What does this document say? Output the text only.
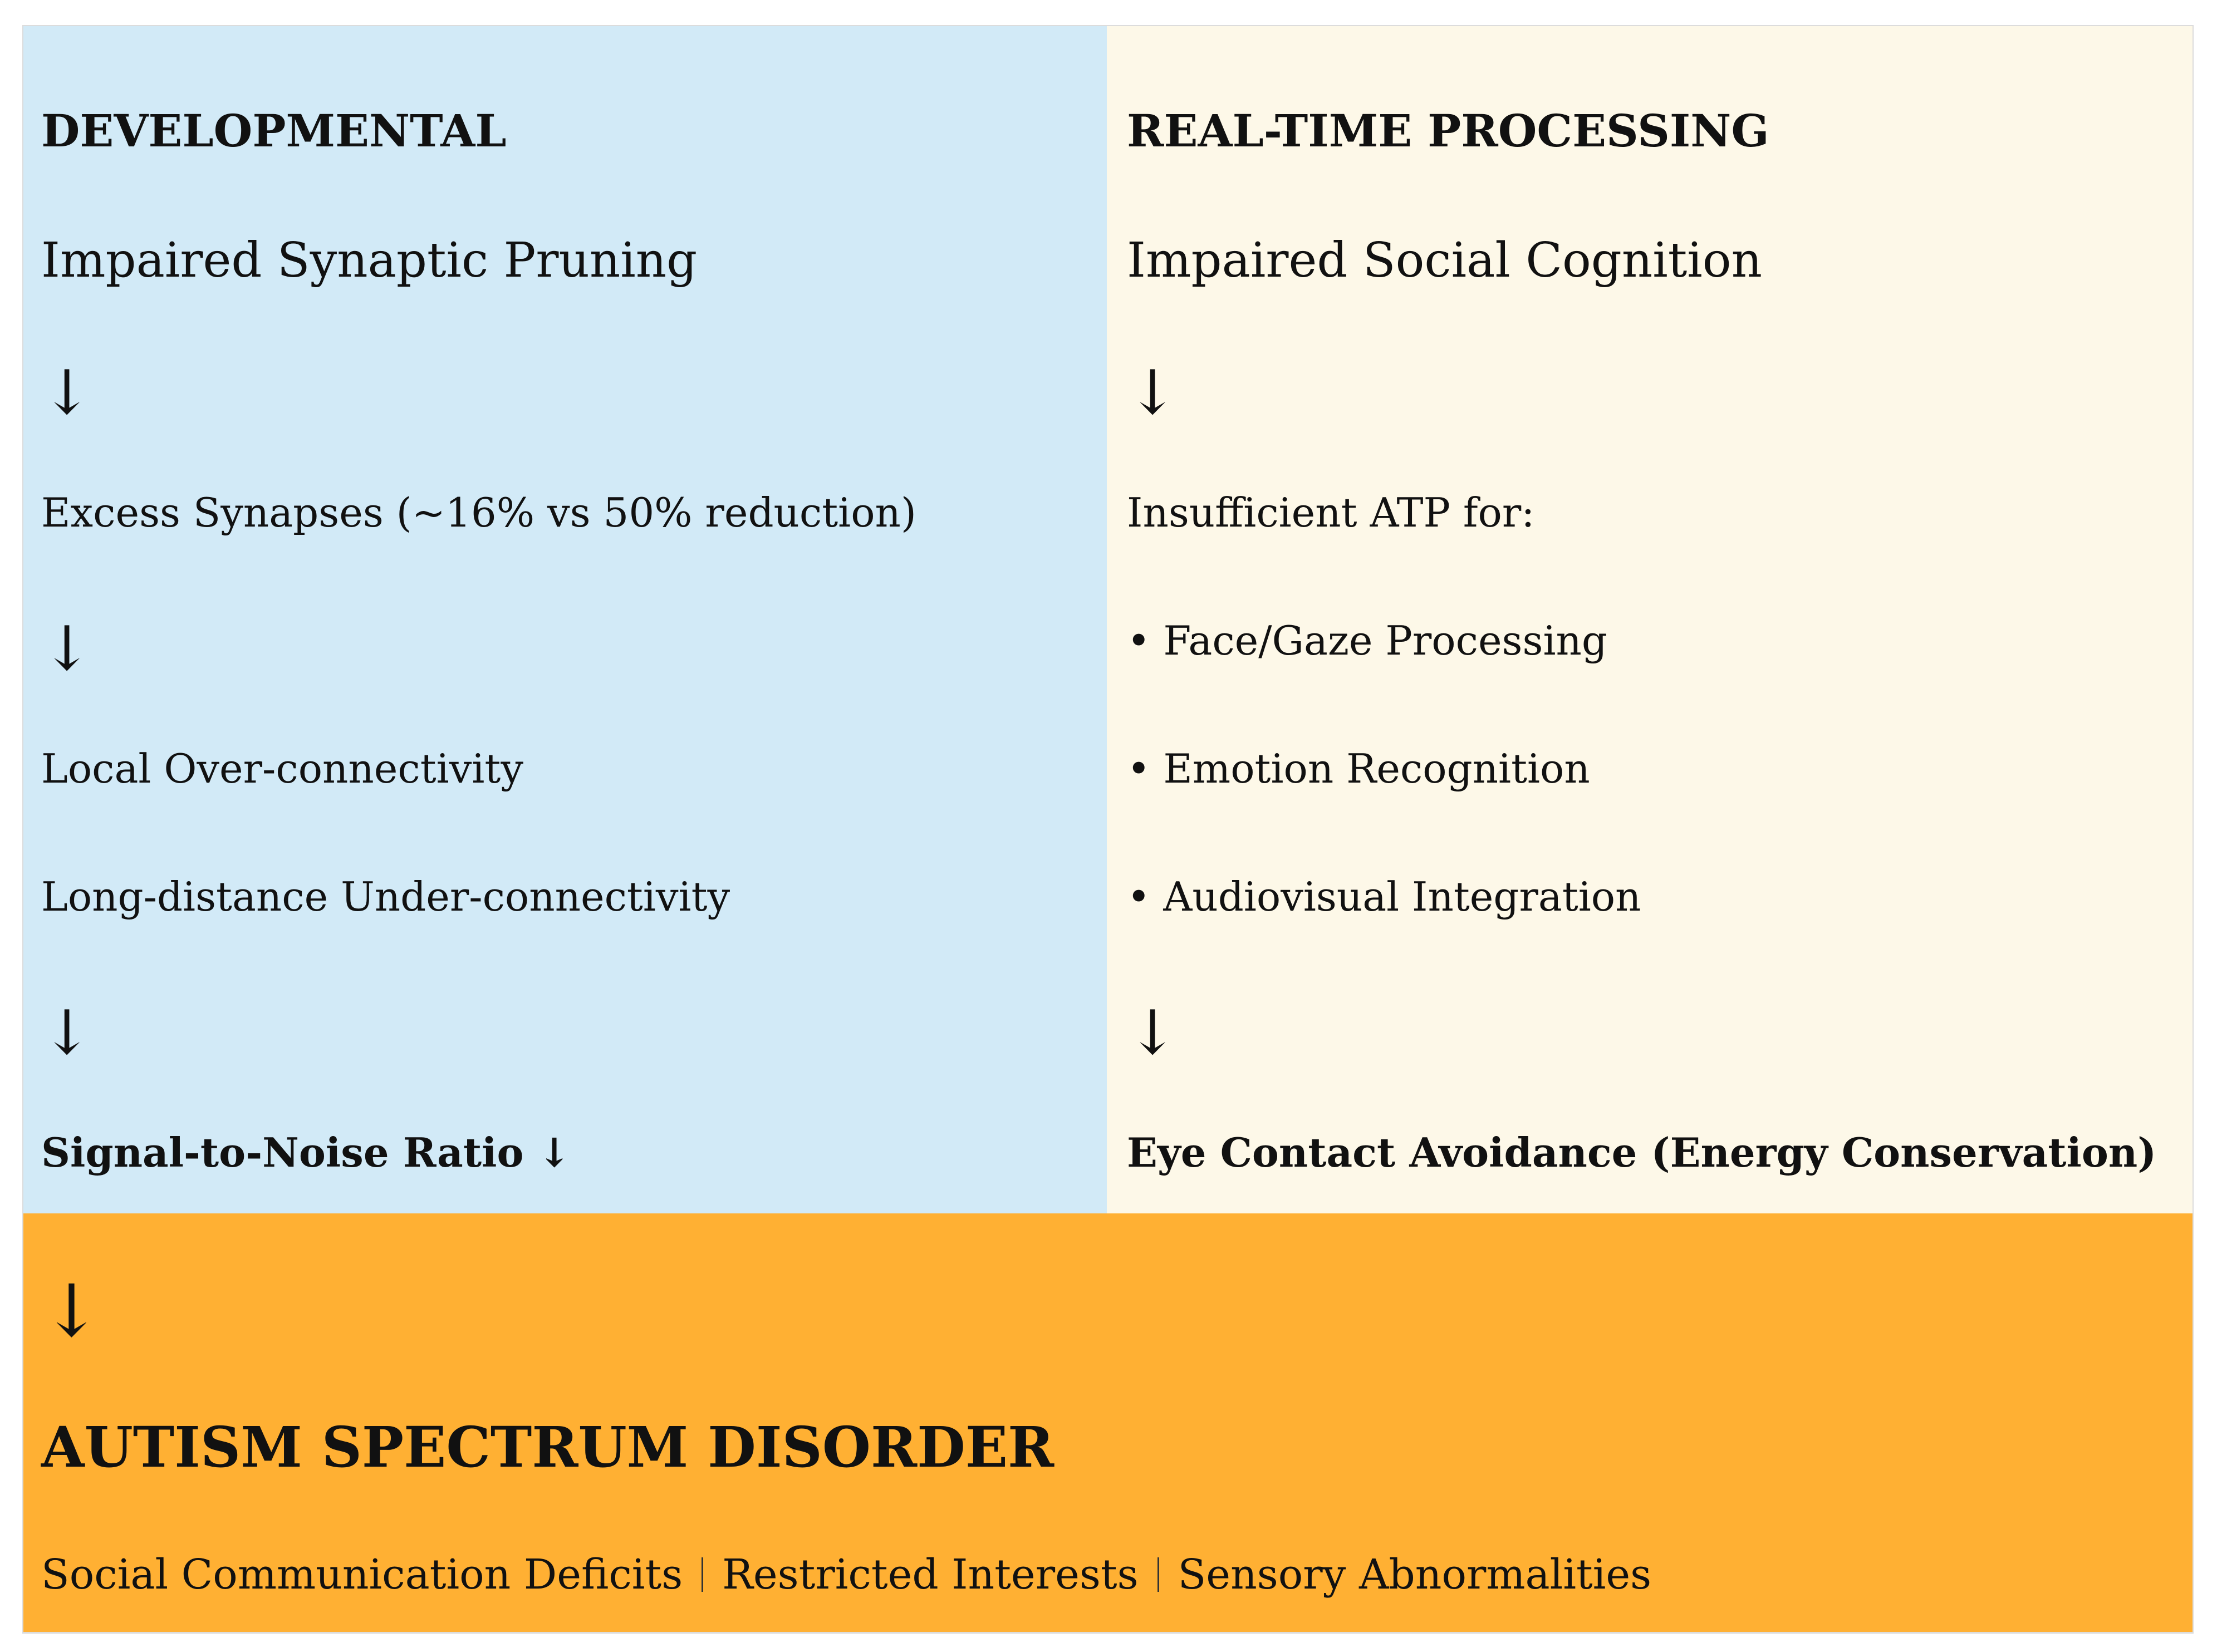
DEVELOPMENTAL
Impaired Synaptic Pruning
↓
Excess Synapses (~16% vs 50% reduction)
↓
Local Over-connectivity
Long-distance Under-connectivity
↓
Signal-to-Noise Ratio ↓
REAL-TIME PROCESSING
Impaired Social Cognition
↓
Insufficient ATP for:
• Face/Gaze Processing
• Emotion Recognition
• Audiovisual Integration
↓
Eye Contact Avoidance (Energy Conservation)
↓
AUTISM SPECTRUM DISORDER
Social Communication Deficits Restricted Interests Sensory Abnormalities
